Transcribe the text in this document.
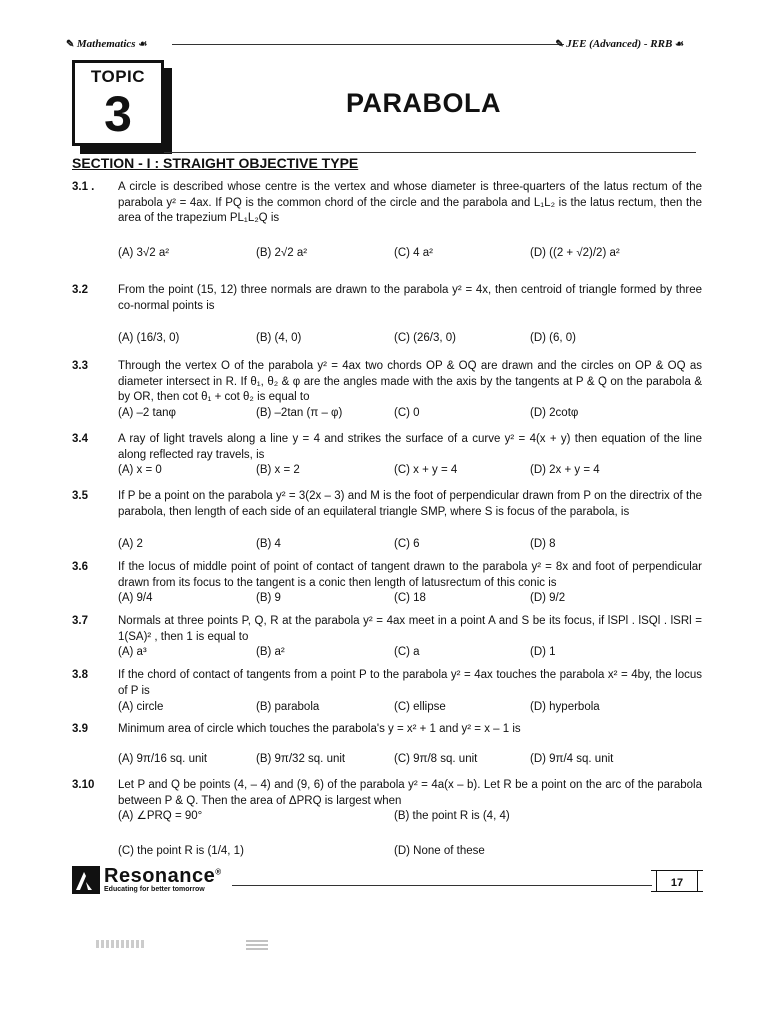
✎ Mathematics ☙	✎ JEE (Advanced) - RRB ☙
TOPIC
3	PARABOLA
SECTION - I : STRAIGHT OBJECTIVE TYPE
3.1 .	A circle is described whose centre is the vertex and whose diameter is three-quarters of the latus rectum of the parabola y² = 4ax. If PQ is the common chord of the circle and the parabola and L₁L₂ is the latus rectum, then the area of the trapezium PL₁L₂Q is
(A) 3√2 a²	(B) 2√2 a²	(C) 4 a²	(D) ((2 + √2)/2) a²
3.2	From the point (15, 12) three normals are drawn to the parabola y² = 4x, then centroid of triangle formed by three co-normal points is
(A) (16/3, 0)	(B) (4, 0)	(C) (26/3, 0)	(D) (6, 0)
3.3	Through the vertex O of the parabola y² = 4ax two chords OP & OQ are drawn and the circles on OP & OQ as diameter intersect in R. If θ₁, θ₂ & φ are the angles made with the axis by the tangents at P & Q on the parabola & by OR, then cot θ₁ + cot θ₂ is equal to
(A) –2 tanφ	(B) –2tan (π – φ)	(C) 0	(D) 2cotφ
3.4	A ray of light travels along a line y = 4 and strikes the surface of a curve y² = 4(x + y) then equation of the line along reflected ray travels, is
(A) x = 0	(B) x = 2	(C) x + y = 4	(D) 2x + y = 4
3.5	If P be a point on the parabola y² = 3(2x – 3) and M is the foot of perpendicular drawn from P on the directrix of the parabola, then length of each side of an equilateral triangle SMP, where S is focus of the parabola, is
(A) 2	(B) 4	(C) 6	(D) 8
3.6	If the locus of middle point of point of contact of tangent drawn to the parabola y² = 8x and foot of perpendicular drawn from its focus to the tangent is a conic then length of latusrectum of this conic is
(A) 9/4	(B) 9	(C) 18	(D) 9/2
3.7	Normals at three points P, Q, R at the parabola y² = 4ax meet in a point A and S be its focus, if lSPl . lSQl . lSRl = 1(SA)² , then 1 is equal to
(A) a³	(B) a²	(C) a	(D) 1
3.8	If the chord of contact of tangents from a point P to the parabola y² = 4ax touches the parabola x² = 4by, the locus of P is
(A) circle	(B) parabola	(C) ellipse	(D) hyperbola
3.9	Minimum area of circle which touches the parabola's y = x² + 1 and y² = x – 1 is
(A) 9π/16 sq. unit	(B) 9π/32 sq. unit	(C) 9π/8 sq. unit	(D) 9π/4 sq. unit
3.10	Let P and Q be points (4, – 4) and (9, 6) of the parabola y² = 4a(x – b). Let R be a point on the arc of the parabola between P & Q. Then the area of ΔPRQ is largest when
(A) ∠PRQ = 90°	(B) the point R is (4, 4)
(C) the point R is (1/4, 1)	(D) None of these
Resonance®
Educating for better tomorrow
17
